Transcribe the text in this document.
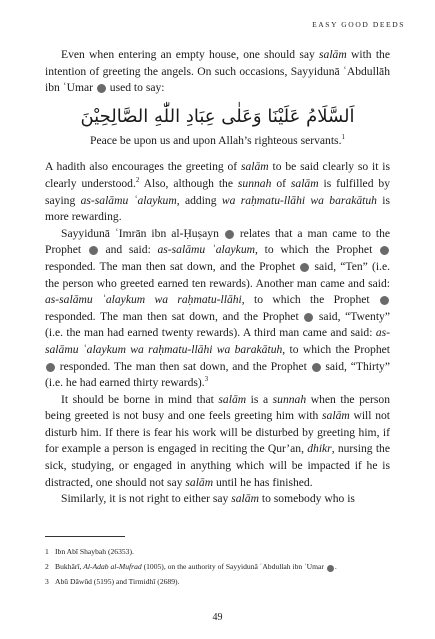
EASY GOOD DEEDS

Even when entering an empty house, one should say salām with the intention of greeting the angels. On such occasions, Sayyidunā ʿAbdullāh ibn ʿUmar  used to say:

اَلسَّلَامُ عَلَيْنَا وَعَلٰى عِبَادِ اللّٰهِ الصَّالِحِيْنَ

Peace be upon us and upon Allah’s righteous servants.$^1$

A hadith also encourages the greeting of salām to be said clearly so it is clearly understood.$^2$ Also, although the sunnah of salām is fulfilled by saying as-salāmu ʿalaykum, adding wa raḥmatu-llāhi wa barakātuh is more rewarding.

Sayyidunā ʿImrān ibn al-Ḥuṣayn  relates that a man came to the Prophet  and said: as-salāmu ʿalaykum, to which the Prophet  responded. The man then sat down, and the Prophet  said, “Ten” (i.e. the person who greeted earned ten rewards). Another man came and said: as-salāmu ʿalaykum wa raḥmatu-llāhi, to which the Prophet  responded. The man then sat down, and the Prophet  said, “Twenty” (i.e. the man had earned twenty rewards). A third man came and said: as-salāmu ʿalaykum wa raḥmatu-llāhi wa barakātuh, to which the Prophet  responded. The man then sat down, and the Prophet  said, “Thirty” (i.e. he had earned thirty rewards).$^3$

It should be borne in mind that salām is a sunnah when the person being greeted is not busy and one feels greeting him with salām will not disturb him. If there is fear his work will be disturbed by greeting him, if for example a person is engaged in reciting the Qur’an, dhikr, nursing the sick, studying, or engaged in anything which will be impacted if he is distracted, one should not say salām until he has finished.

Similarly, it is not right to either say salām to somebody who is

1 Ibn Abī Shaybah (26353).

2 Bukhārī, Al-Adab al-Mufrad (1005), on the authority of Sayyidunā ʿAbdullah ibn ʿUmar .

3 Abū Dāwūd (5195) and Tirmidhī (2689).

49
